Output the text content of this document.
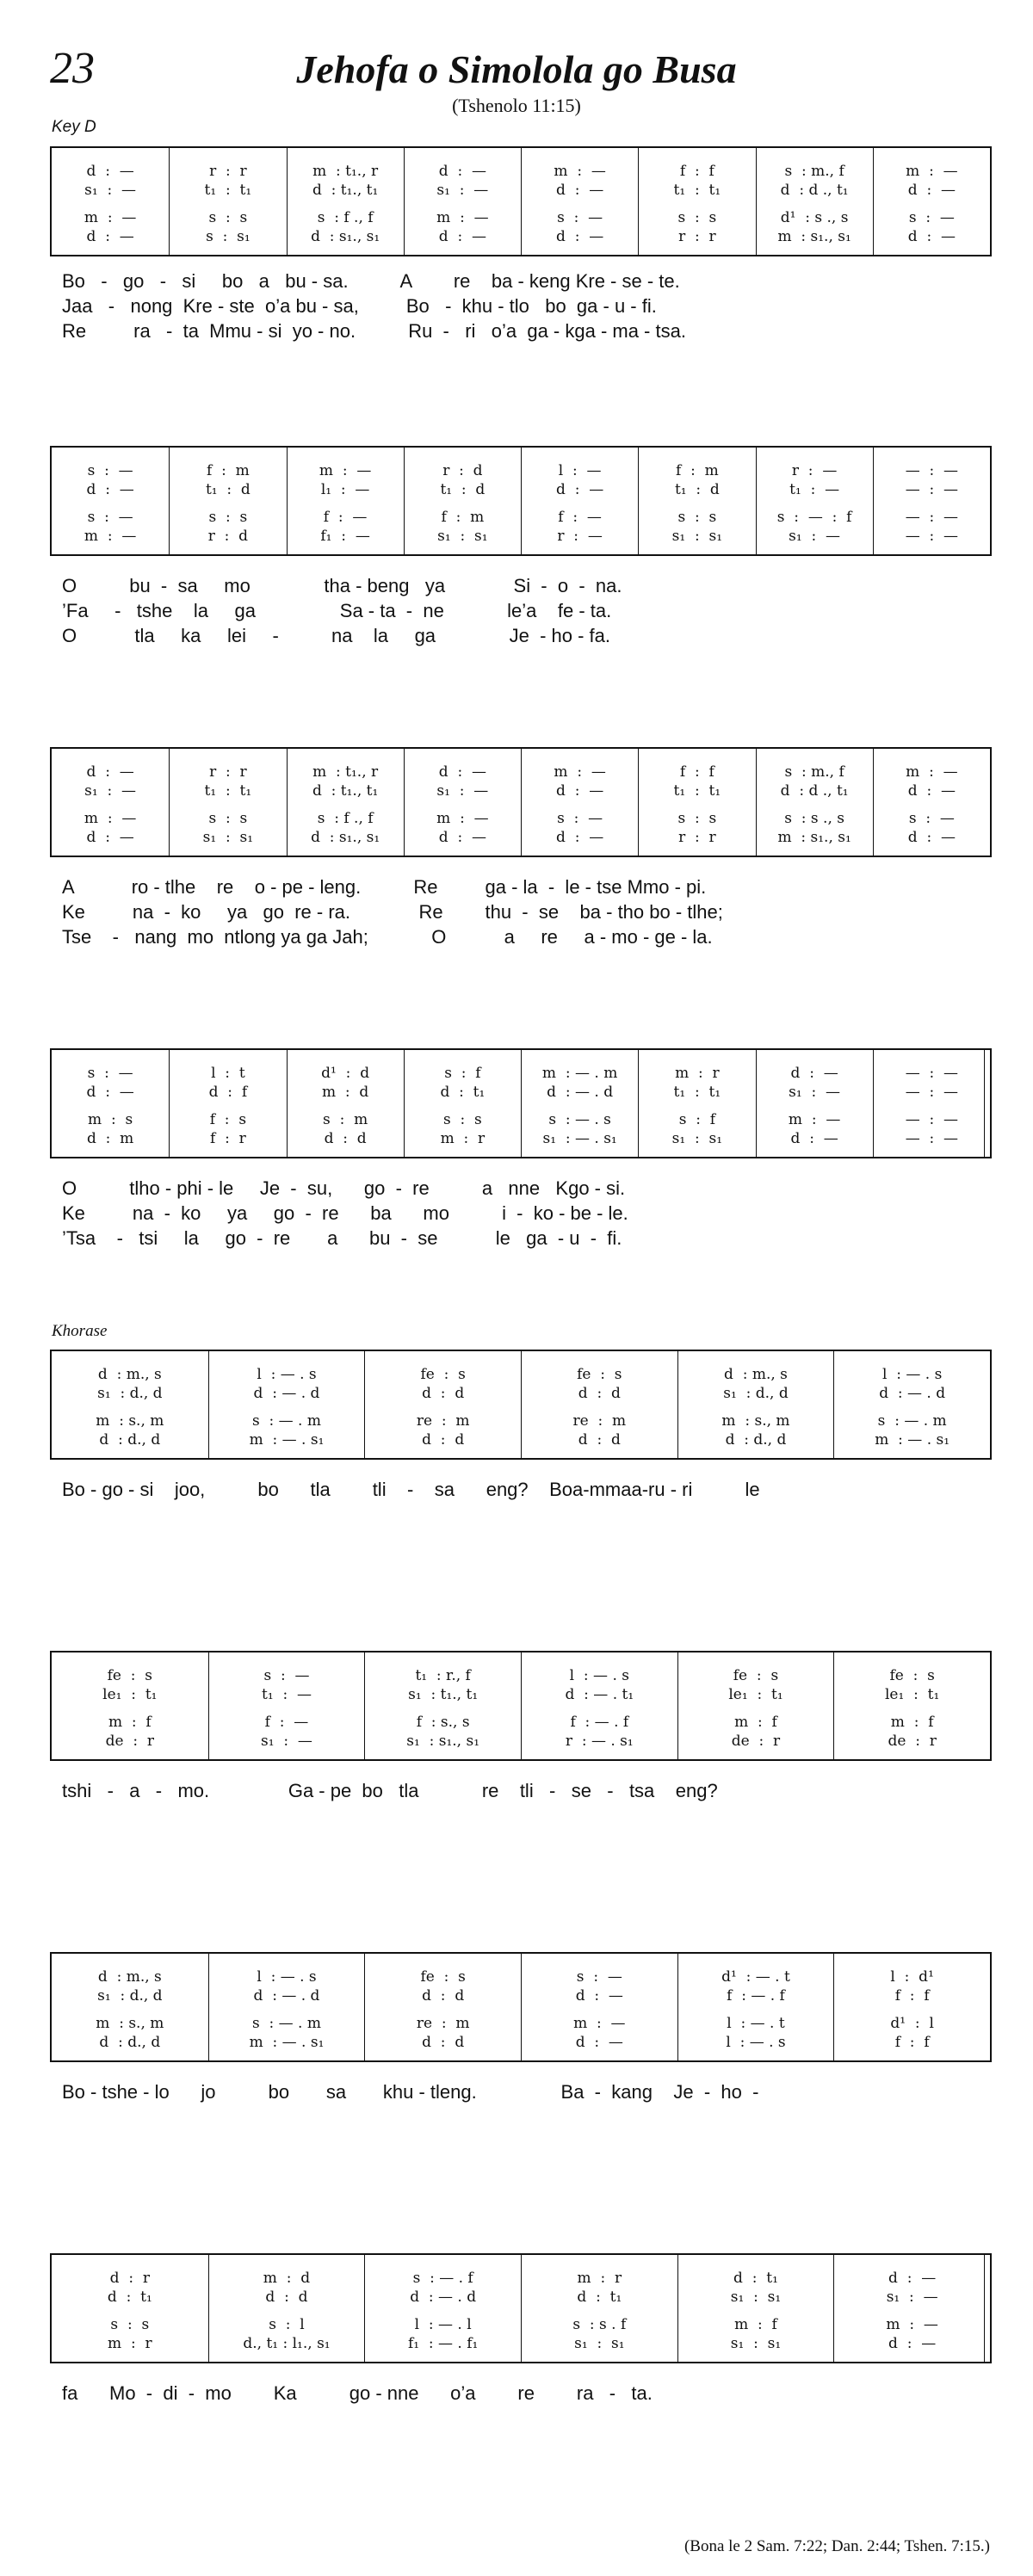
23	Jehofa o Simolola go Busa
(Tshenolo 11:15)
Key D
Khorase
(Bona le 2 Sam. 7:22; Dan. 2:44; Tshen. 7:15.)
d  :  —
s₁  :  —
m  :  —
d  :  —
r  :  r
t₁  :  t₁
s  :  s
s  :  s₁
m  : t₁., r
d  : t₁., t₁
s  : f ., f
d  : s₁., s₁
d  :  —
s₁  :  —
m  :  —
d  :  —
m  :  —
d  :  —
s  :  —
d  :  —
f  :  f
t₁  :  t₁
s  :  s
r  :  r
s  : m., f
d  : d ., t₁
d¹  : s ., s
m  : s₁., s₁
m  :  —
d  :  —
s  :  —
d  :  —
Bo   -   go   -   si     bo   a   bu - sa.          A        re    ba - keng Kre - se - te.
Jaa   -   nong  Kre - ste  o’a bu - sa,         Bo   -  khu - tlo   bo  ga - u - fi.
Re         ra   -  ta  Mmu - si  yo - no.          Ru  -   ri   o’a  ga - kga - ma - tsa.
s  :  —
d  :  —
s  :  —
m  :  —
f  :  m
t₁  :  d
s  :  s
r  :  d
m  :  —
l₁  :  —
f  :  —
f₁  :  —
r  :  d
t₁  :  d
f  :  m
s₁  :  s₁
l  :  —
d  :  —
f  :  —
r  :  —
f  :  m
t₁  :  d
s  :  s
s₁  :  s₁
r  :  —
t₁  :  —
s  :  —  :  f
s₁  :  —
—  :  —
—  :  —
—  :  —
—  :  —
O          bu  -  sa     mo              tha - beng   ya             Si  -  o  -  na.
’Fa     -   tshe    la     ga                Sa - ta  -  ne            le’a    fe - ta.
O           tla     ka     lei     -          na    la     ga              Je  - ho - fa.
d  :  —
s₁  :  —
m  :  —
d  :  —
r  :  r
t₁  :  t₁
s  :  s
s₁  :  s₁
m  : t₁., r
d  : t₁., t₁
s  : f ., f
d  : s₁., s₁
d  :  —
s₁  :  —
m  :  —
d  :  —
m  :  —
d  :  —
s  :  —
d  :  —
f  :  f
t₁  :  t₁
s  :  s
r  :  r
s  : m., f
d  : d ., t₁
s  : s ., s
m  : s₁., s₁
m  :  —
d  :  —
s  :  —
d  :  —
A           ro - tlhe    re    o - pe - leng.          Re         ga - la  -  le - tse Mmo - pi.
Ke         na  -  ko     ya   go  re - ra.             Re        thu  -  se    ba - tho bo - tlhe;
Tse    -   nang  mo  ntlong ya ga Jah;            O           a     re     a - mo - ge - la.
s  :  —
d  :  —
m  :  s
d  :  m
l  :  t
d  :  f
f  :  s
f  :  r
d¹  :  d
m  :  d
s  :  m
d  :  d
s  :  f
d  :  t₁
s  :  s
m  :  r
m  : — . m
d  : — . d
s  : — . s
s₁  : — . s₁
m  :  r
t₁  :  t₁
s  :  f
s₁  :  s₁
d  :  —
s₁  :  —
m  :  —
d  :  —
—  :  —
—  :  —
—  :  —
—  :  —
O          tlho - phi - le     Je  -  su,      go  -  re          a   nne   Kgo - si.
Ke         na  -  ko     ya     go  -  re      ba      mo          i  -  ko - be - le.
’Tsa    -   tsi     la     go  -  re       a      bu  -  se           le   ga  - u  -  fi.
d  : m., s
s₁  : d., d
m  : s., m
d  : d., d
l  : — . s
d  : — . d
s  : — . m
m  : — . s₁
fe  :  s
d  :  d
re  :  m
d  :  d
fe  :  s
d  :  d
re  :  m
d  :  d
d  : m., s
s₁  : d., d
m  : s., m
d  : d., d
l  : — . s
d  : — . d
s  : — . m
m  : — . s₁
Bo - go - si    joo,          bo      tla        tli    -    sa      eng?    Boa-mmaa-ru - ri          le
fe  :  s
le₁  :  t₁
m  :  f
de  :  r
s  :  —
t₁  :  —
f  :  —
s₁  :  —
t₁  : r., f
s₁  : t₁., t₁
f  : s., s
s₁  : s₁., s₁
l  : — . s
d  : — . t₁
f  : — . f
r  : — . s₁
fe  :  s
le₁  :  t₁
m  :  f
de  :  r
fe  :  s
le₁  :  t₁
m  :  f
de  :  r
tshi   -   a   -   mo.               Ga - pe  bo   tla            re    tli   -   se   -   tsa    eng?
d  : m., s
s₁  : d., d
m  : s., m
d  : d., d
l  : — . s
d  : — . d
s  : — . m
m  : — . s₁
fe  :  s
d  :  d
re  :  m
d  :  d
s  :  —
d  :  —
m  :  —
d  :  —
d¹  : — . t
f  : — . f
l  : — . t
l  : — . s
l  :  d¹
f  :  f
d¹  :  l
f  :  f
Bo - tshe - lo      jo          bo       sa       khu - tleng.                Ba  -  kang    Je  -  ho  -
d  :  r
d  :  t₁
s  :  s
m  :  r
m  :  d
d  :  d
s  :  l
d., t₁ : l₁., s₁
s  : — . f
d  : — . d
l  : — . l
f₁  : — . f₁
m  :  r
d  :  t₁
s  : s . f
s₁  :  s₁
d  :  t₁
s₁  :  s₁
m  :  f
s₁  :  s₁
d  :  —
s₁  :  —
m  :  —
d  :  —
fa      Mo  -  di  -  mo        Ka          go - nne      o’a        re        ra   -   ta.
